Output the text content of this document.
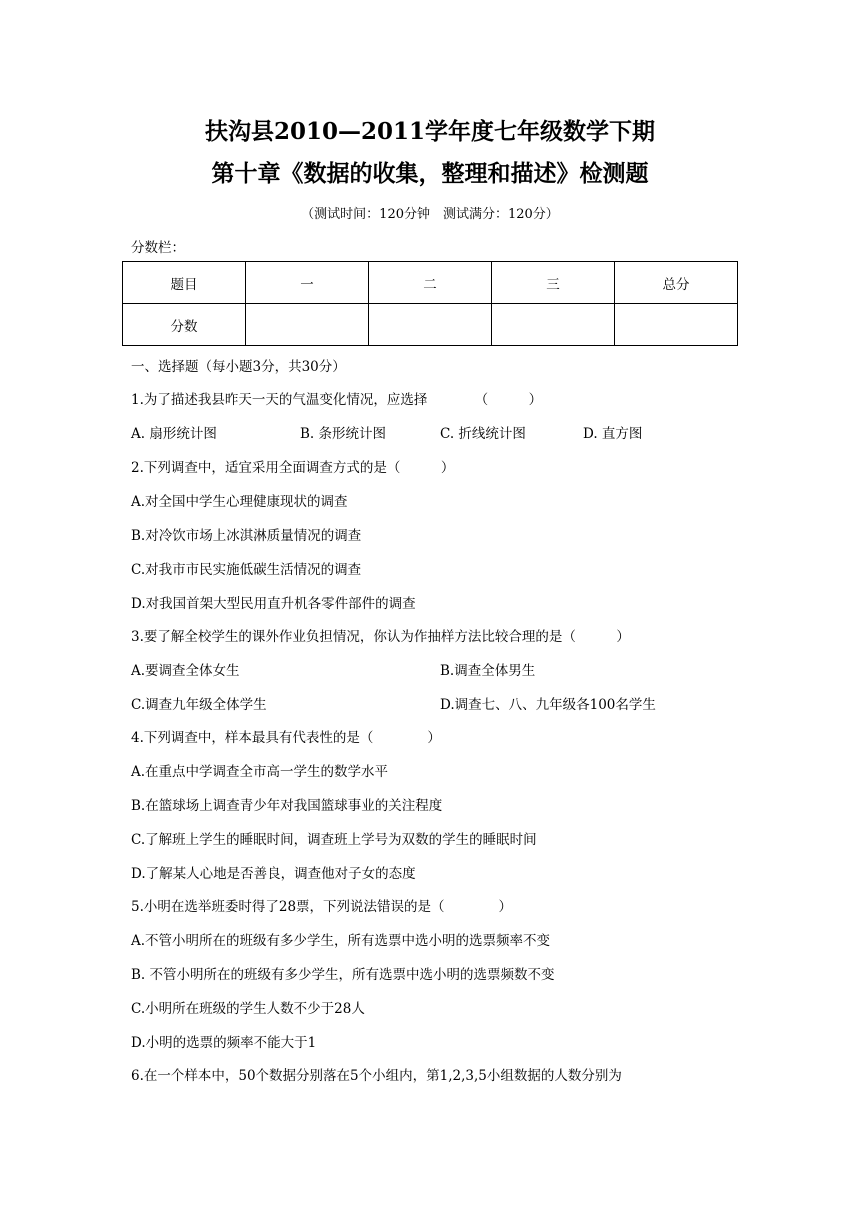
扶沟县2010—2011学年度七年级数学下期
第十章《数据的收集，整理和描述》检测题
（测试时间：120分钟　测试满分：120分）
分数栏：
题目	一	二	三	总分
分数				
一、选择题（每小题3分，共30分）
1.为了描述我县昨天一天的气温变化情况，应选择　　　　（　　　）
A. 扇形统计图	B. 条形统计图	C. 折线统计图	D. 直方图
2.下列调查中，适宜采用全面调查方式的是（　　　）
A.对全国中学生心理健康现状的调查
B.对冷饮市场上冰淇淋质量情况的调查
C.对我市市民实施低碳生活情况的调查
D.对我国首架大型民用直升机各零件部件的调查
3.要了解全校学生的课外作业负担情况，你认为作抽样方法比较合理的是（　　　）
A.要调查全体女生	B.调查全体男生
C.调查九年级全体学生	D.调查七、八、九年级各100名学生
4.下列调查中，样本最具有代表性的是（　　　　）
A.在重点中学调查全市高一学生的数学水平
B.在篮球场上调查青少年对我国篮球事业的关注程度
C.了解班上学生的睡眠时间，调查班上学号为双数的学生的睡眠时间
D.了解某人心地是否善良，调查他对子女的态度
5.小明在选举班委时得了28票，下列说法错误的是（　　　　）
A.不管小明所在的班级有多少学生，所有选票中选小明的选票频率不变
B. 不管小明所在的班级有多少学生，所有选票中选小明的选票频数不变
C.小明所在班级的学生人数不少于28人
D.小明的选票的频率不能大于1
6.在一个样本中，50个数据分别落在5个小组内，第1,2,3,5小组数据的人数分别为
